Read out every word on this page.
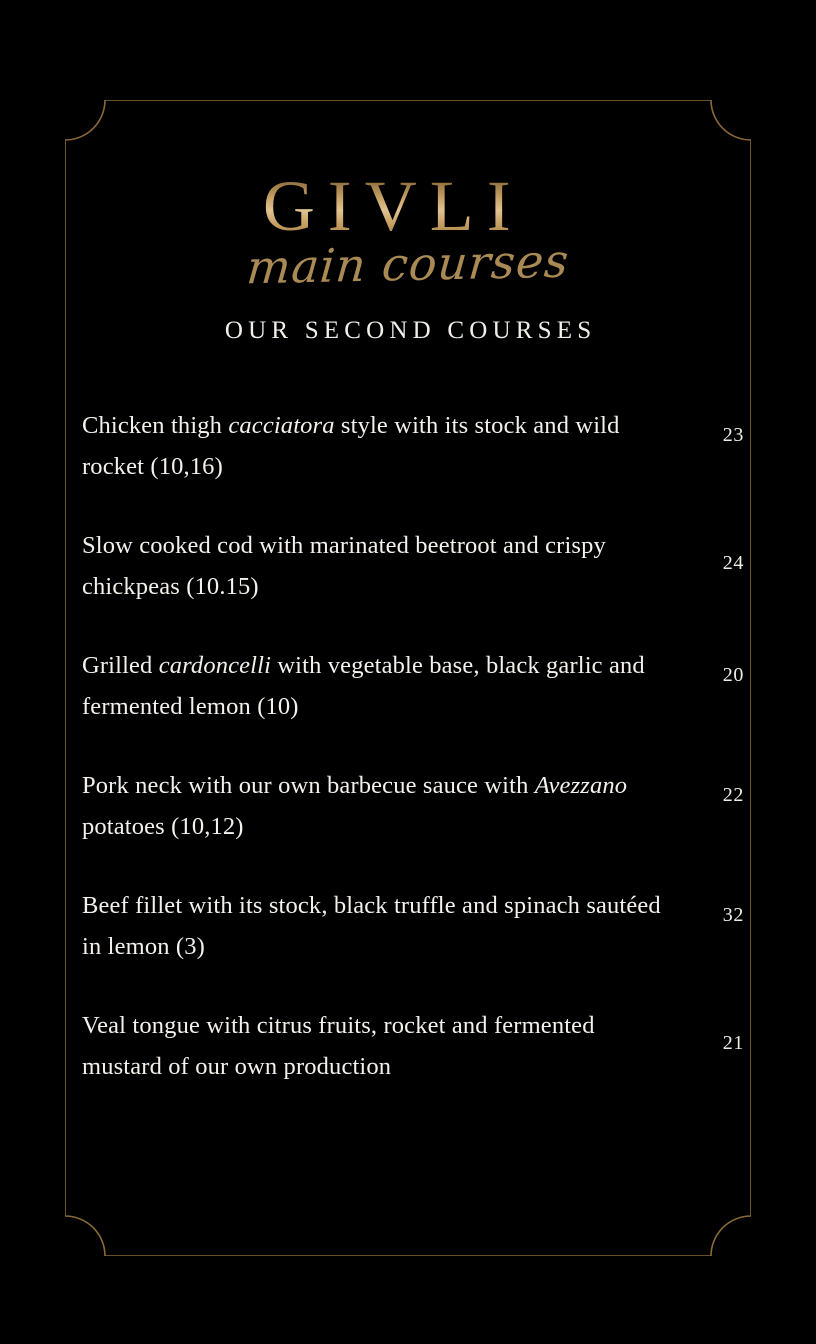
GIVLIA
main courses
OUR SECOND COURSES
Chicken thigh cacciatora style with its stock and wild rocket (10,16)
23
Slow cooked cod with marinated beetroot and crispy chickpeas (10.15)
24
Grilled cardoncelli with vegetable base, black garlic and fermented lemon (10)
20
Pork neck with our own barbecue sauce with Avezzano potatoes (10,12)
22
Beef fillet with its stock, black truffle and spinach sautéed in lemon (3)
32
Veal tongue with citrus fruits, rocket and fermented mustard of our own production
21
